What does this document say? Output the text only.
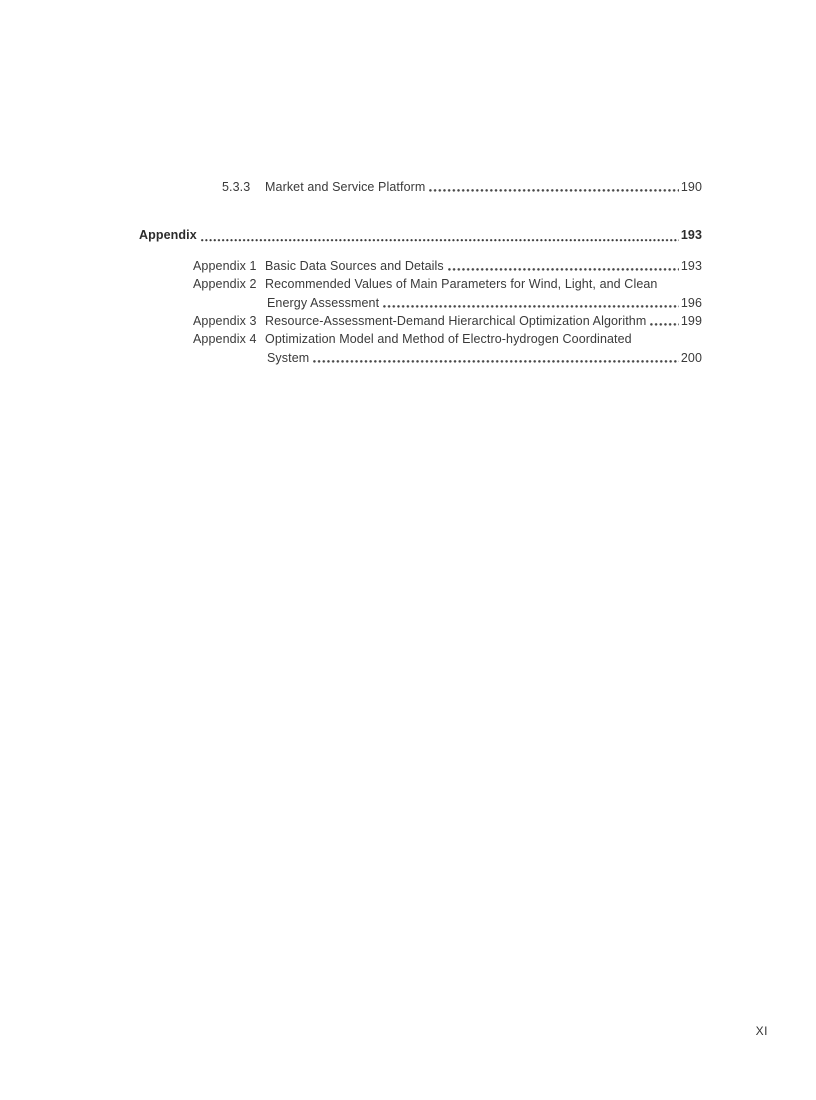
5.3.3	Market and Service Platform	190
Appendix	193
Appendix 1 Basic Data Sources and Details	193
Appendix 2 Recommended Values of Main Parameters for Wind, Light, and Clean
Energy Assessment	196
Appendix 3 Resource-Assessment-Demand Hierarchical Optimization Algorithm	199
Appendix 4 Optimization Model and Method of Electro-hydrogen Coordinated
System	200
XI
